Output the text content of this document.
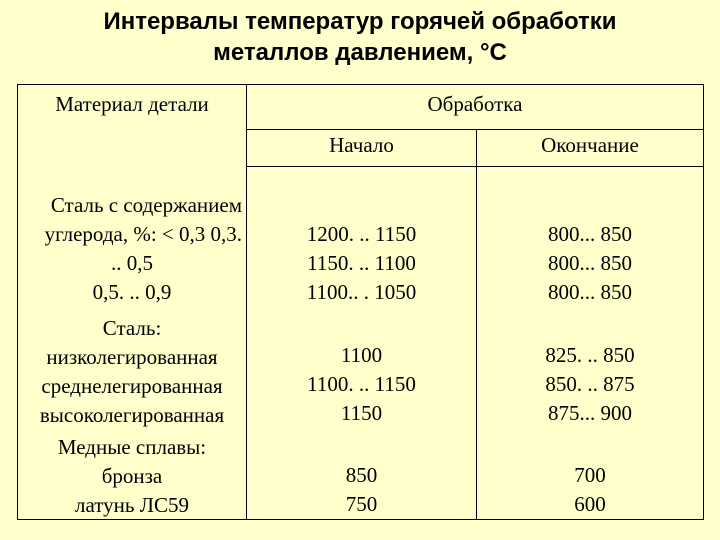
Интервалы температур горячей обработки
металлов давлением, °С
Материал детали	Обработка
Начало	Окончание
Сталь с содержанием
углерода, %: < 0,3 0,3.
.. 0,5
0,5. .. 0,9
1200. .. 1150
1150. .. 1100
1100.. . 1050
800... 850
800... 850
800... 850
Сталь:
низколегированная
среднелегированная
высоколегированная
1100
1100. .. 1150
1150
825. .. 850
850. .. 875
875... 900
Медные сплавы:
бронза
латунь ЛС59
850
750
700
600
